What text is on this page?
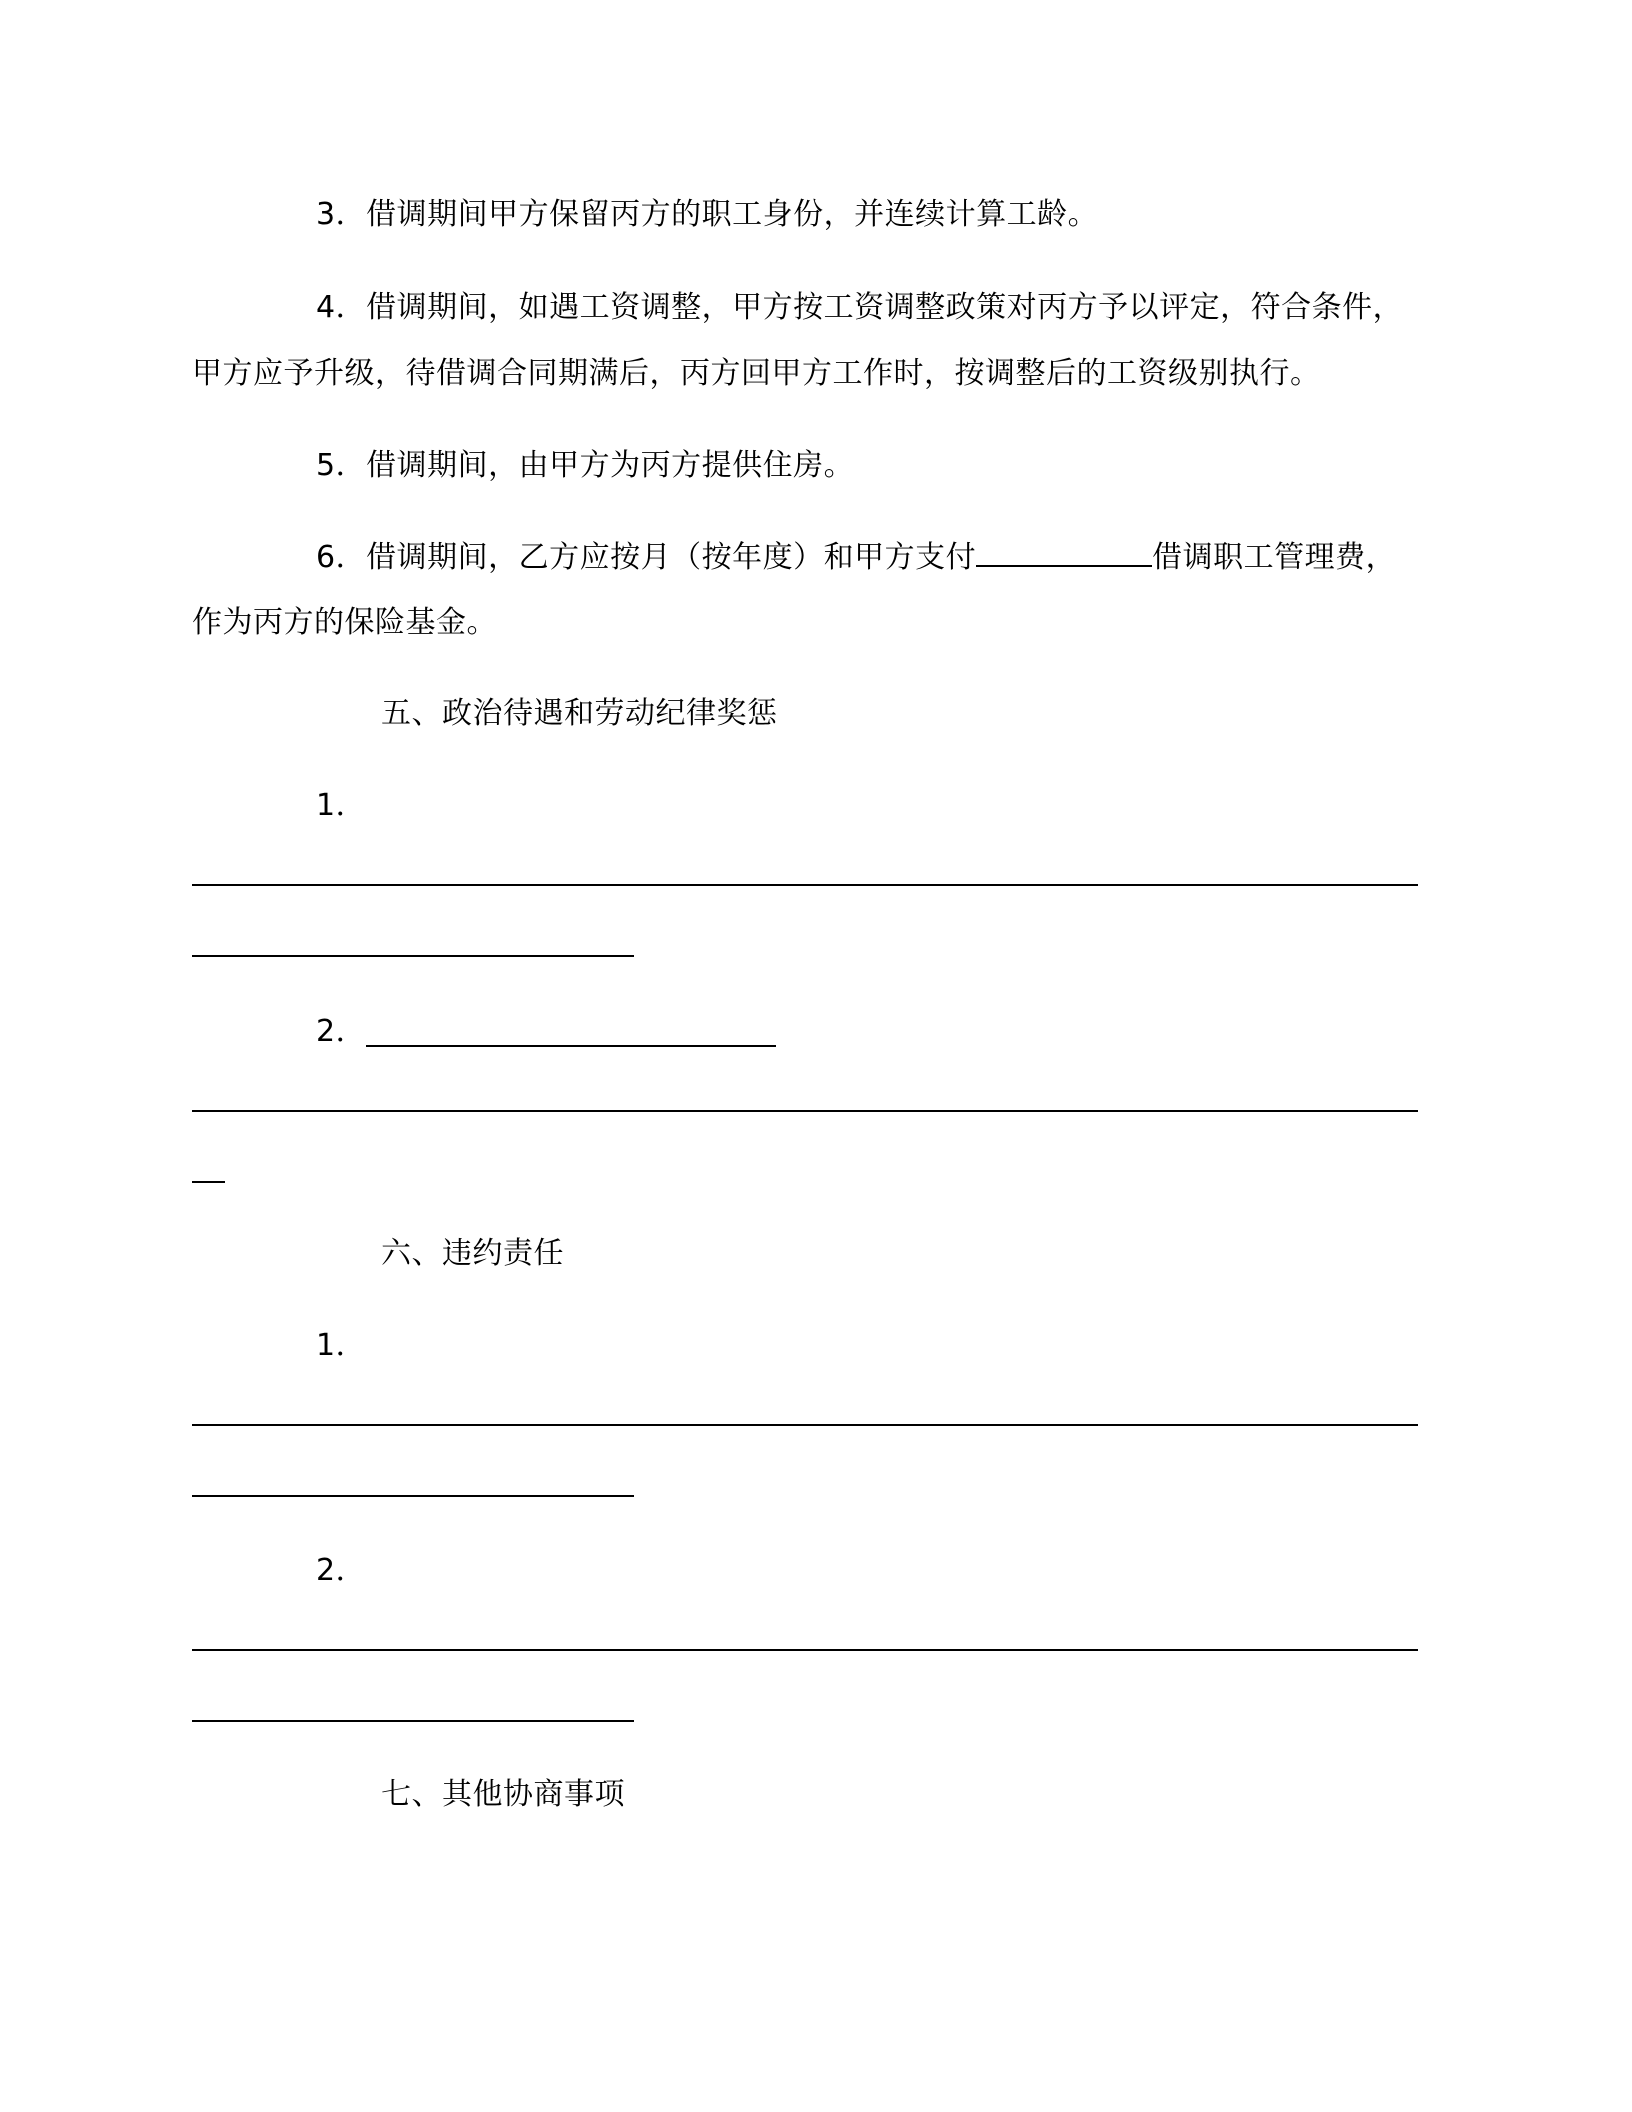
3．借调期间甲方保留丙方的职工身份，并连续计算工龄。
4．借调期间，如遇工资调整，甲方按工资调整政策对丙方予以评定，符合条件，
甲方应予升级，待借调合同期满后，丙方回甲方工作时，按调整后的工资级别执行。
5．借调期间，由甲方为丙方提供住房。
6．借调期间，乙方应按月（按年度）和甲方支付	借调职工管理费，
作为丙方的保险基金。
五、政治待遇和劳动纪律奖惩
1．
2．
六、违约责任
1．
2．
七、其他协商事项
